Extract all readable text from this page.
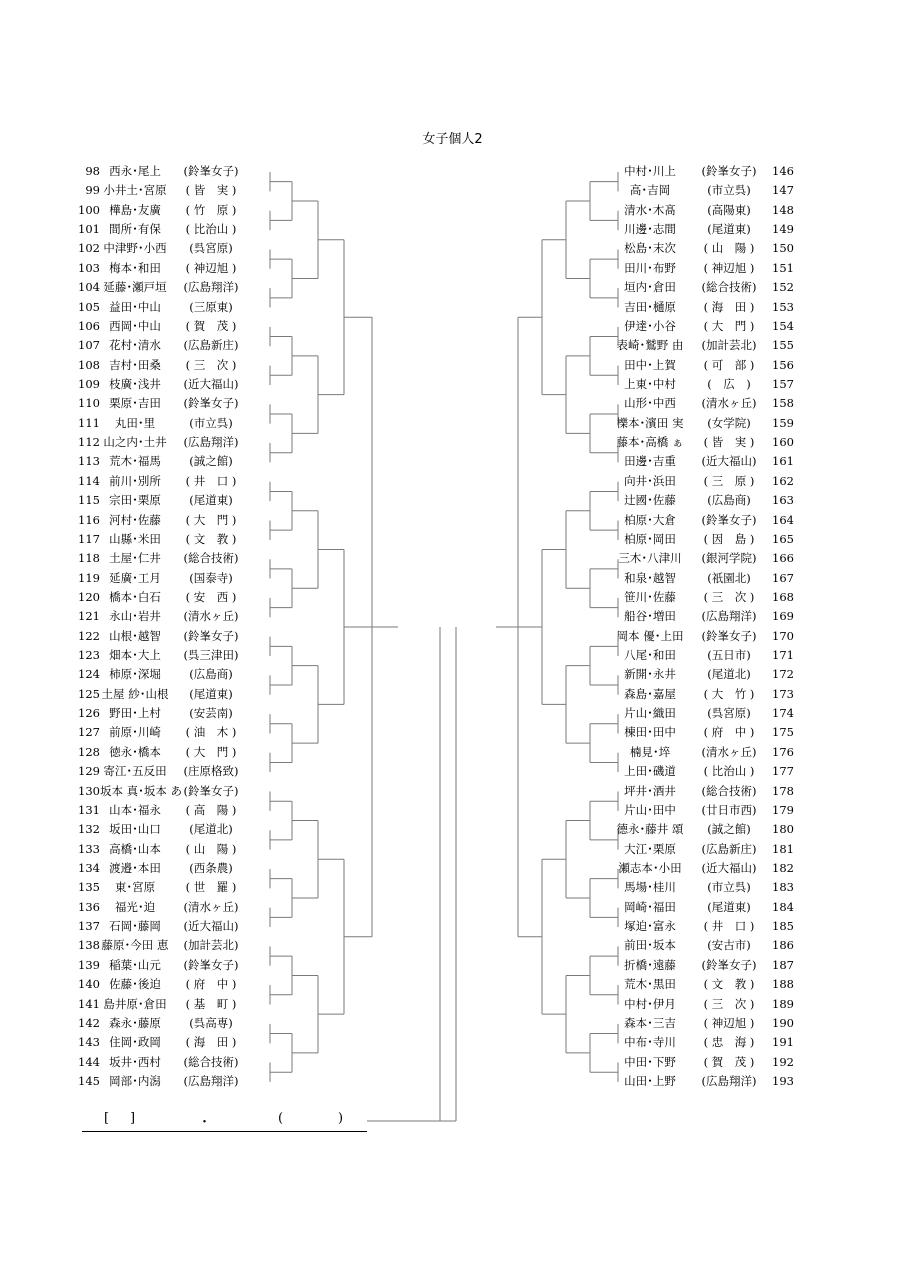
女子個人2
98 西永･尾上 (鈴峯女子)
99 小井土･宮原 ( 皆　実 )
100 樺島･友廣 ( 竹　原 )
101 間所･有保 ( 比治山 )
102 中津野･小西 (呉宮原)
103 梅本･和田 ( 神辺旭 )
104 延藤･瀬戸垣 (広島翔洋)
105 益田･中山 (三原東)
106 西岡･中山 ( 賀　茂 )
107 花村･清水 (広島新庄)
108 吉村･田桑 ( 三　次 )
109 枝廣･浅井 (近大福山)
110 栗原･吉田 (鈴峯女子)
111 丸田･里	(市立呉)
112 山之内･土井 (広島翔洋)
113 荒木･福馬 (誠之館)
114 前川･別所 ( 井　口 )
115 宗田･栗原 (尾道東)
116 河村･佐藤 ( 大　門 )
117 山縣･米田 ( 文　教 )
118 土屋･仁井 (総合技術)
119 延廣･工月 (国泰寺)
120 橋本･白石 ( 安　西 )
121 永山･岩井 (清水ヶ丘)
122 山根･越智 (鈴峯女子)
123 畑本･大上 (呉三津田)
124 柿原･深堀 (広島商)
125 土屋 紗･山根 (尾道東)
126 野田･上村 (安芸南)
127 前原･川崎 ( 油　木 )
128 徳永･橋本 ( 大　門 )
129 寄江･五反田 (庄原格致)
130坂本 真･坂本 あ(鈴峯女子)
131 山本･福永 ( 高　陽 )
132 坂田･山口 (尾道北)
133 高橋･山本 ( 山　陽 )
134 渡邉･本田 (西条農)
135 東･宮原	( 世　羅 )
136 福光･迫 (清水ヶ丘)
137 石岡･藤岡 (近大福山)
138 藤原･今田 恵 (加計芸北)
139 稲葉･山元 (鈴峯女子)
140 佐藤･後迫 ( 府　中 )
141 島井原･倉田 ( 基　町 )
142 森永･藤原 (呉高専)
143 住岡･政岡 ( 海　田 )
144 坂井･西村 (総合技術)
145 岡部･内潟 (広島翔洋)
中村･川上 (鈴峯女子) 146
高･吉岡	(市立呉) 147
清水･木髙	(高陽東) 148
川邊･志間	(尾道東) 149
松島･末次 ( 山　陽 ) 150
田川･布野 ( 神辺旭 ) 151
垣内･倉田 (総合技術) 152
吉田･樋原 ( 海　田 ) 153
伊達･小谷 ( 大　門 ) 154
表崎･鷲野 由 (加計芸北) 155
田中･上賀 ( 可　部 ) 156
上東･中村	(　広　) 157
山形･中西 (清水ヶ丘) 158
櫟本･濱田 実 (女学院) 159
藤本･高橋 ぁ ( 皆　実 ) 160
田邊･吉重 (近大福山) 161
向井･浜田 ( 三　原 ) 162
辻國･佐藤	(広島商) 163
柏原･大倉 (鈴峯女子) 164
柏原･岡田 ( 因　島 ) 165
三木･八津川 (銀河学院) 166
和泉･越智	(祇園北) 167
笹川･佐藤 ( 三　次 ) 168
船谷･増田 (広島翔洋) 169
岡本 優･上田 (鈴峯女子) 170
八尾･和田	(五日市) 171
新開･永井	(尾道北) 172
森島･嘉屋 ( 大　竹 ) 173
片山･織田	(呉宮原) 174
棟田･田中 ( 府　中 ) 175
楠見･埣	(清水ヶ丘) 176
上田･磯道 ( 比治山 ) 177
坪井･酒井 (総合技術) 178
片山･田中 (廿日市西) 179
德永･藤井 頌 (誠之館) 180
大江･栗原 (広島新庄) 181
瀬志本･小田 (近大福山) 182
馬場･桂川	(市立呉) 183
岡崎･福田	(尾道東) 184
塚迫･富永 ( 井　口 ) 185
前田･坂本	(安古市) 186
折橋･遠藤 (鈴峯女子) 187
荒木･黒田 ( 文　教 ) 188
中村･伊月 ( 三　次 ) 189
森本･三吉 ( 神辺旭 ) 190
中布･寺川 ( 忠　海 ) 191
中田･下野 ( 賀　茂 ) 192
山田･上野 (広島翔洋) 193
[ ]	・	(	)
